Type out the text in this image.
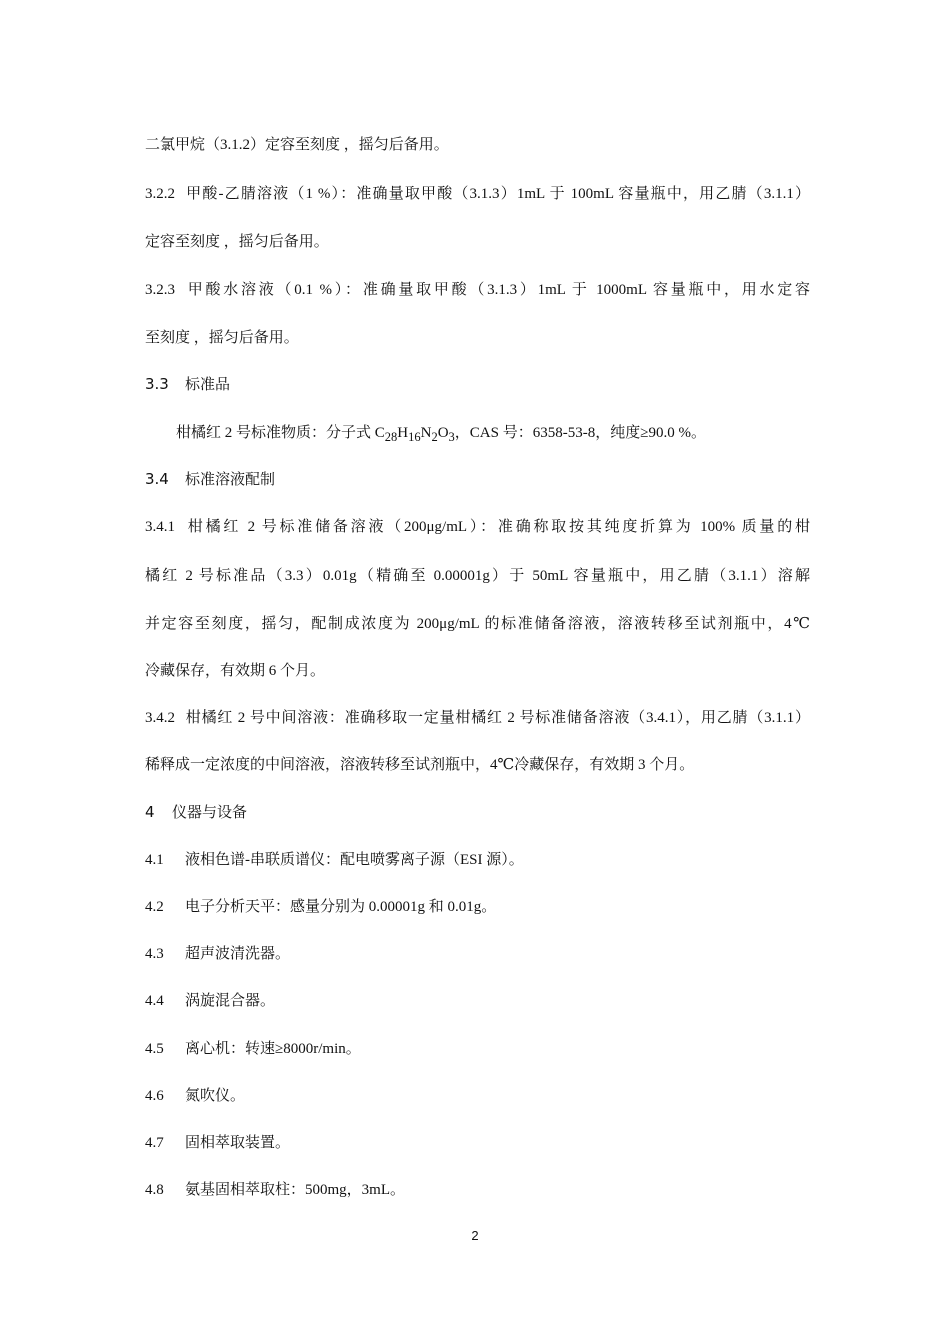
二氯甲烷（3.1.2）定容至刻度 ，摇匀后备用。

3.2.2 甲酸-乙腈溶液（1 %）：准确量取甲酸（3.1.3）1mL 于 100mL 容量瓶中，用乙腈（3.1.1）

定容至刻度 ，摇匀后备用。

3.2.3 甲酸水溶液（0.1 %）：准确量取甲酸（3.1.3）1mL 于 1000mL 容量瓶中，用水定容

至刻度 ，摇匀后备用。

3.3 标准品

柑橘红 2 号标准物质：分子式 $C_{28}H_{16}N_2O_3$，CAS 号：6358-53-8，纯度≥90.0 %。

3.4 标准溶液配制

3.4.1 柑橘红 2 号标准储备溶液（200μg/mL）：准确称取按其纯度折算为 100% 质量的柑

橘红 2 号标准品（3.3）0.01g（精确至 0.00001g）于 50mL 容量瓶中，用乙腈（3.1.1）溶解

并定容至刻度，摇匀，配制成浓度为 200μg/mL 的标准储备溶液，溶液转移至试剂瓶中，4℃

冷藏保存，有效期 6 个月。

3.4.2 柑橘红 2 号中间溶液：准确移取一定量柑橘红 2 号标准储备溶液（3.4.1），用乙腈（3.1.1）

稀释成一定浓度的中间溶液，溶液转移至试剂瓶中，4℃冷藏保存，有效期 3 个月。

4 仪器与设备

4.1 液相色谱-串联质谱仪：配电喷雾离子源（ESI 源）。

4.2 电子分析天平：感量分别为 0.00001g 和 0.01g。

4.3 超声波清洗器。

4.4 涡旋混合器。

4.5 离心机：转速≥8000r/min。

4.6 氮吹仪。

4.7 固相萃取装置。

4.8 氨基固相萃取柱：500mg，3mL。

2
